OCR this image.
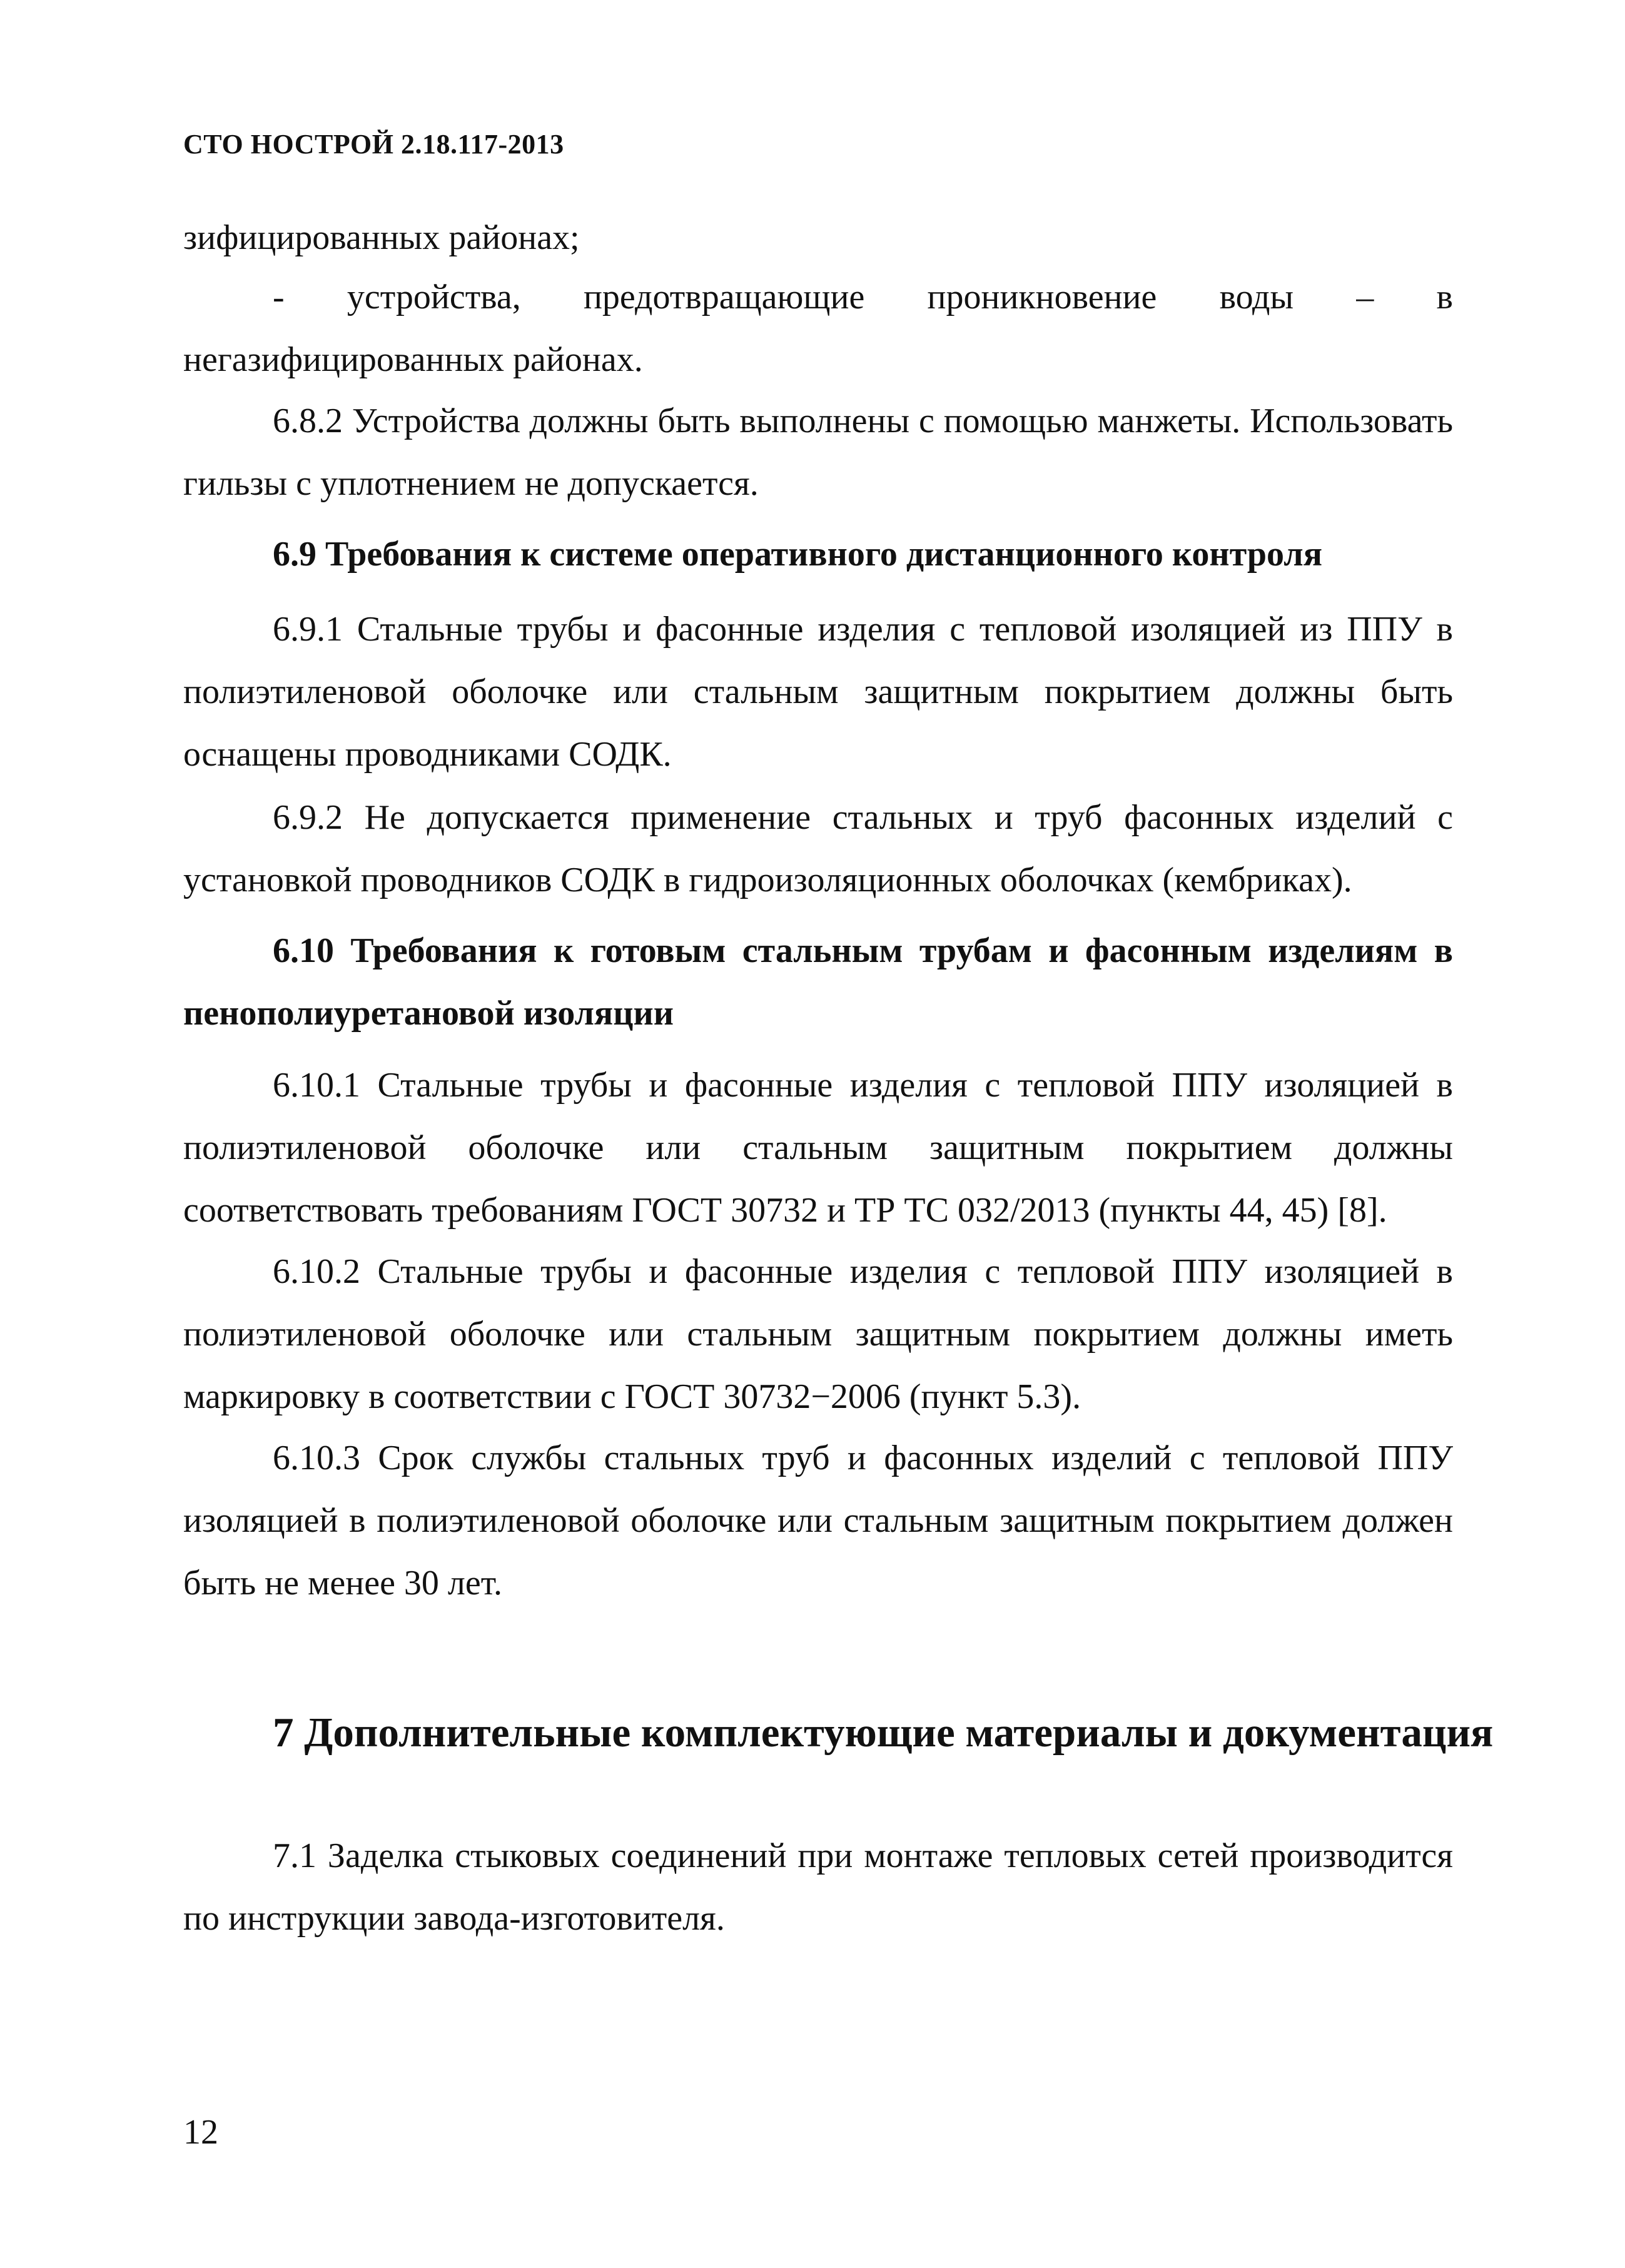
СТО НОСТРОЙ 2.18.117-2013

зифицированных районах;

- устройства, предотвращающие проникновение воды – в негазифицированных районах.

6.8.2 Устройства должны быть выполнены с помощью манжеты. Использовать гильзы с уплотнением не допускается.

6.9 Требования к системе оперативного дистанционного контроля

6.9.1 Стальные трубы и фасонные изделия с тепловой изоляцией из ППУ в полиэтиленовой оболочке или стальным защитным покрытием должны быть оснащены проводниками СОДК.

6.9.2 Не допускается применение стальных и труб фасонных изделий с установкой проводников СОДК в гидроизоляционных оболочках (кембриках).

6.10 Требования к готовым стальным трубам и фасонным изделиям в пенополиуретановой изоляции

6.10.1 Стальные трубы и фасонные изделия с тепловой ППУ изоляцией в полиэтиленовой оболочке или стальным защитным покрытием должны соответствовать требованиям ГОСТ 30732 и ТР ТС 032/2013 (пункты 44, 45) [8].

6.10.2 Стальные трубы и фасонные изделия с тепловой ППУ изоляцией в полиэтиленовой оболочке или стальным защитным покрытием должны иметь маркировку в соответствии с ГОСТ 30732−2006 (пункт 5.3).

6.10.3 Срок службы стальных труб и фасонных изделий с тепловой ППУ изоляцией в полиэтиленовой оболочке или стальным защитным покрытием должен быть не менее 30 лет.

7 Дополнительные комплектующие материалы и документация

7.1 Заделка стыковых соединений при монтаже тепловых сетей производится по инструкции завода-изготовителя.

12
